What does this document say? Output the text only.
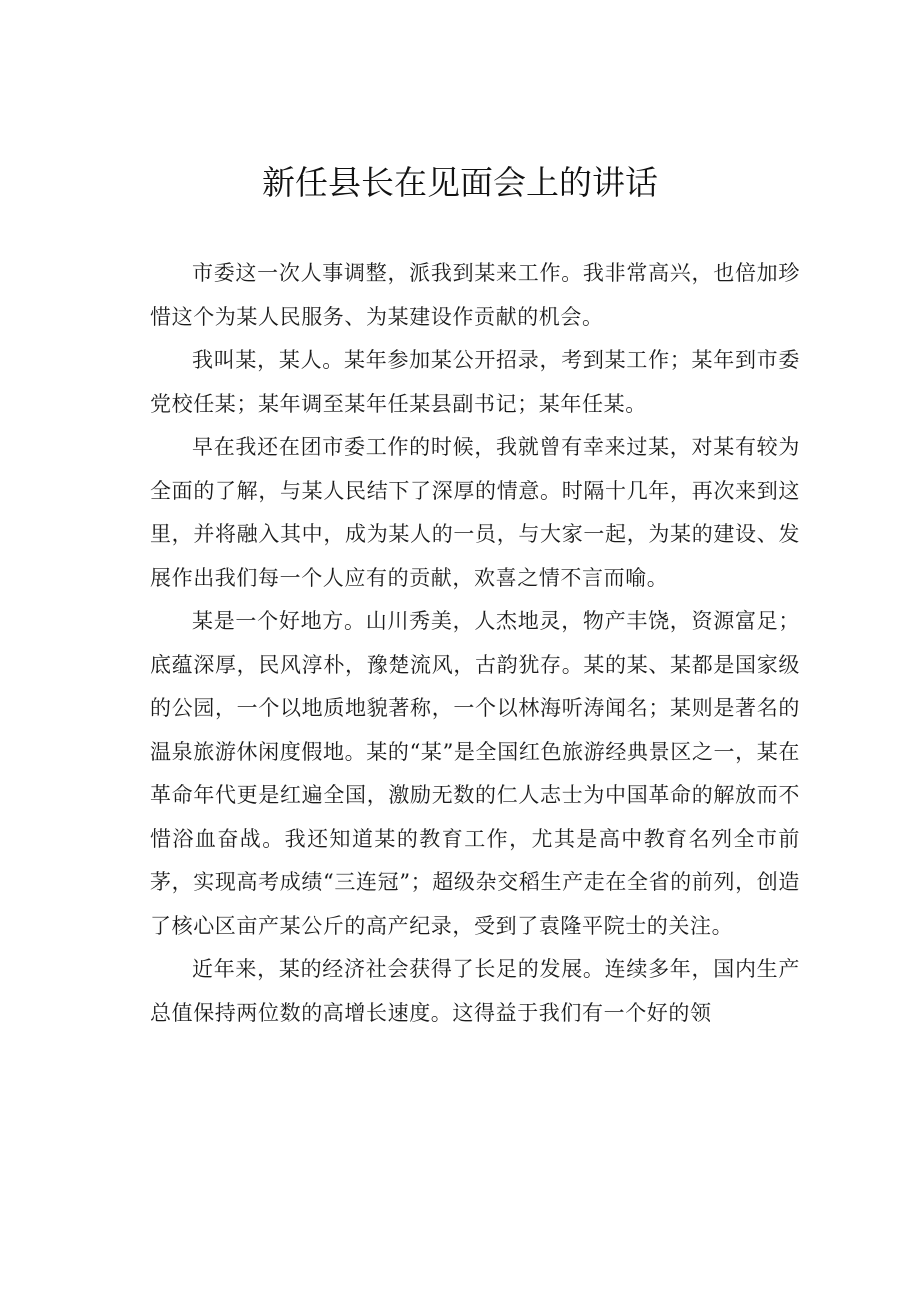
新任县长在见面会上的讲话

市委这一次人事调整，派我到某来工作。我非常高兴，也倍加珍惜这个为某人民服务、为某建设作贡献的机会。

我叫某，某人。某年参加某公开招录，考到某工作；某年到市委党校任某；某年调至某年任某县副书记；某年任某。

早在我还在团市委工作的时候，我就曾有幸来过某，对某有较为全面的了解，与某人民结下了深厚的情意。时隔十几年，再次来到这里，并将融入其中，成为某人的一员，与大家一起，为某的建设、发展作出我们每一个人应有的贡献，欢喜之情不言而喻。

某是一个好地方。山川秀美，人杰地灵，物产丰饶，资源富足；底蕴深厚，民风淳朴，豫楚流风，古韵犹存。某的某、某都是国家级的公园，一个以地质地貌著称，一个以林海听涛闻名；某则是著名的温泉旅游休闲度假地。某的“某”是全国红色旅游经典景区之一，某在革命年代更是红遍全国，激励无数的仁人志士为中国革命的解放而不惜浴血奋战。我还知道某的教育工作，尤其是高中教育名列全市前茅，实现高考成绩“三连冠”；超级杂交稻生产走在全省的前列，创造了核心区亩产某公斤的高产纪录，受到了袁隆平院士的关注。

近年来，某的经济社会获得了长足的发展。连续多年，国内生产总值保持两位数的高增长速度。这得益于我们有一个好的领
